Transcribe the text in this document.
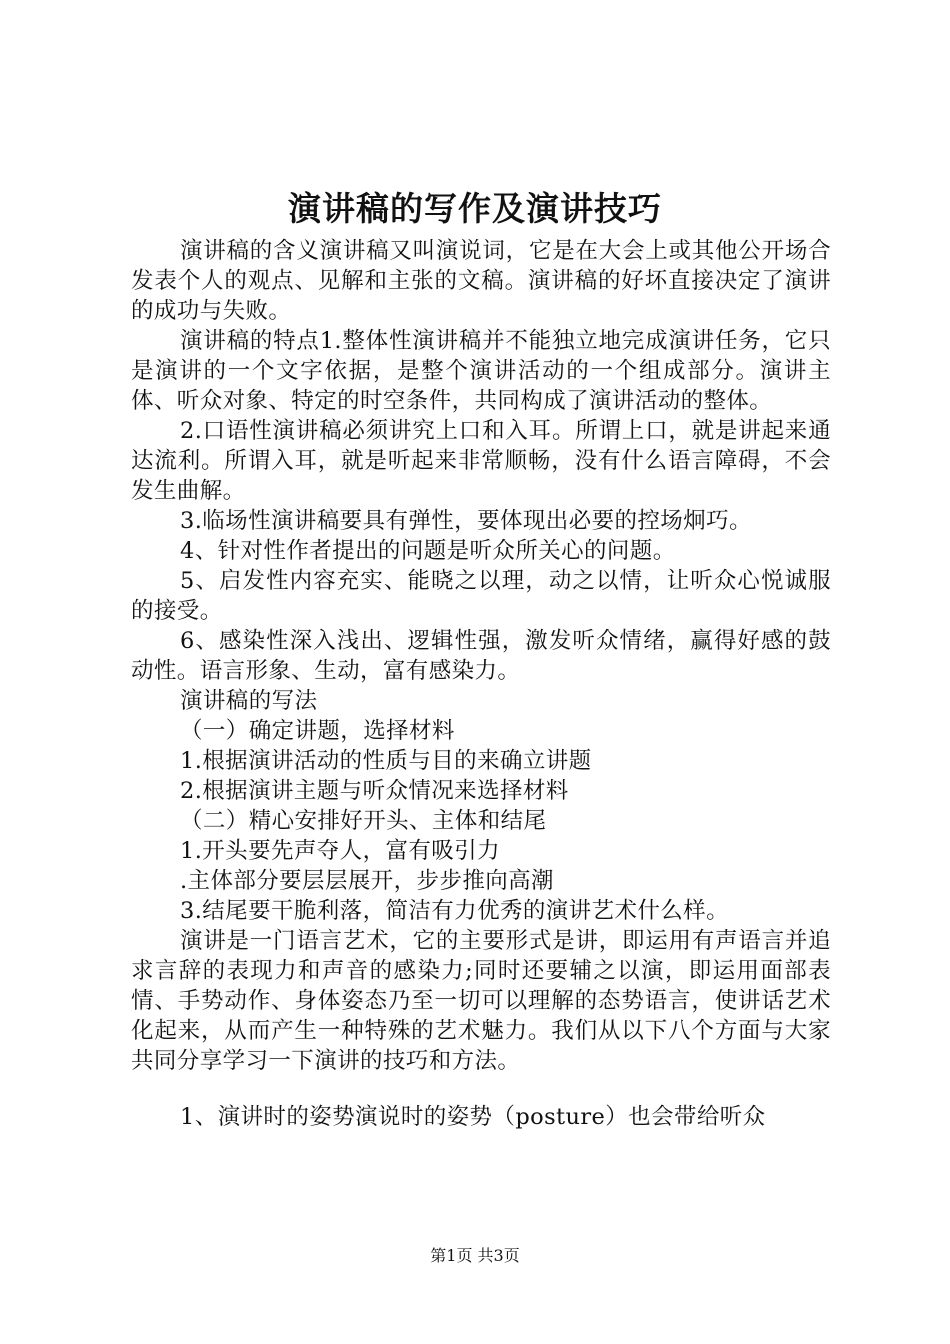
演讲稿的写作及演讲技巧

演讲稿的含义演讲稿又叫演说词，它是在大会上或其他公开场合发表个人的观点、见解和主张的文稿。演讲稿的好坏直接决定了演讲的成功与失败。

演讲稿的特点1.整体性演讲稿并不能独立地完成演讲任务，它只是演讲的一个文字依据，是整个演讲活动的一个组成部分。演讲主体、听众对象、特定的时空条件，共同构成了演讲活动的整体。

2.口语性演讲稿必须讲究上口和入耳。所谓上口，就是讲起来通达流利。所谓入耳，就是听起来非常顺畅，没有什么语言障碍，不会发生曲解。

3.临场性演讲稿要具有弹性，要体现出必要的控场炯巧。

4、针对性作者提出的问题是听众所关心的问题。

5、启发性内容充实、能晓之以理，动之以情，让听众心悦诚服的接受。

6、感染性深入浅出、逻辑性强，激发听众情绪，赢得好感的鼓动性。语言形象、生动，富有感染力。

演讲稿的写法

（一）确定讲题，选择材料

1.根据演讲活动的性质与目的来确立讲题

2.根据演讲主题与听众情况来选择材料

（二）精心安排好开头、主体和结尾

1.开头要先声夺人，富有吸引力

.主体部分要层层展开，步步推向高潮

3.结尾要干脆利落，简洁有力优秀的演讲艺术什么样。

演讲是一门语言艺术，它的主要形式是讲，即运用有声语言并追求言辞的表现力和声音的感染力;同时还要辅之以演，即运用面部表情、手势动作、身体姿态乃至一切可以理解的态势语言，使讲话艺术化起来，从而产生一种特殊的艺术魅力。我们从以下八个方面与大家共同分享学习一下演讲的技巧和方法。

1、演讲时的姿势演说时的姿势（posture）也会带给听众

第1页 共3页
